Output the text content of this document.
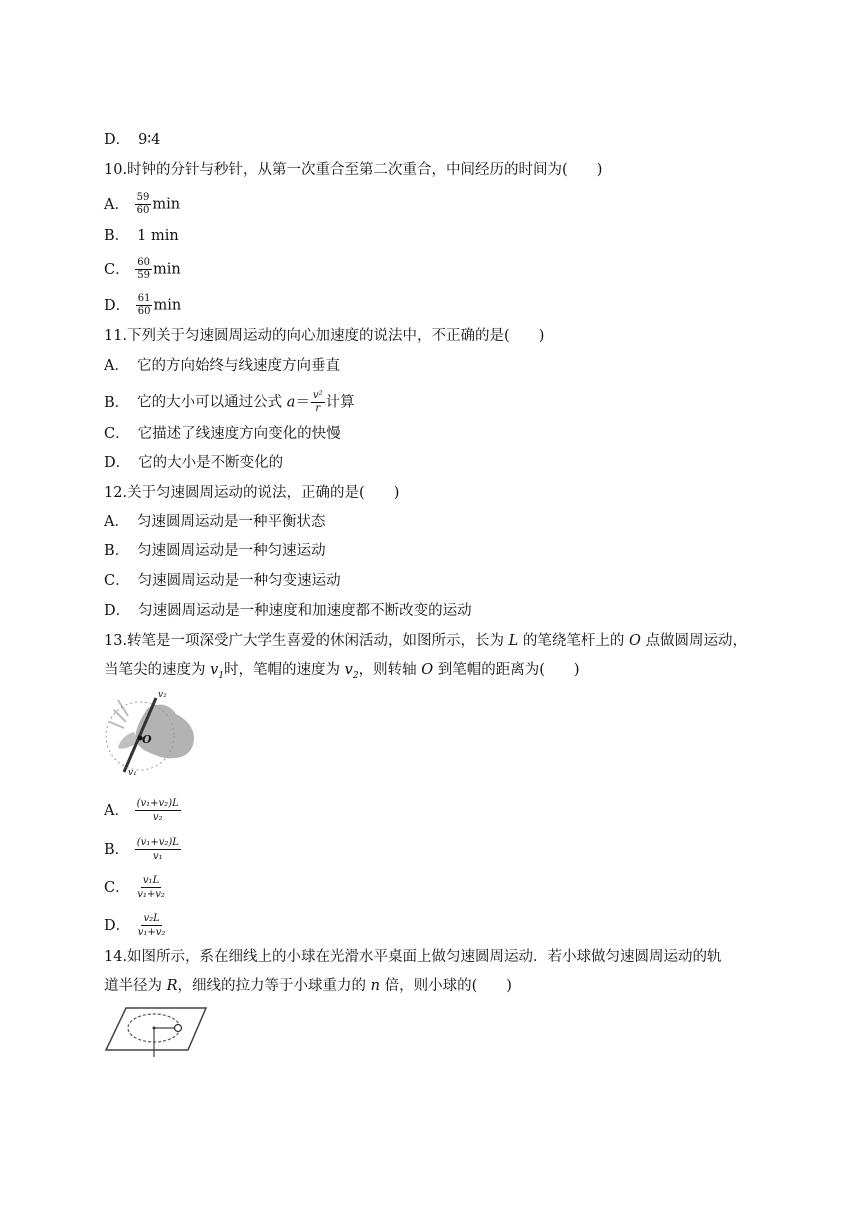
D． 9∶4
10.时钟的分针与秒针，从第一次重合至第二次重合，中间经历的时间为(　　)
A． $\frac{59}{60}$ min
B． 1 min
C． $\frac{60}{59}$ min
D． $\frac{61}{60}$ min
11.下列关于匀速圆周运动的向心加速度的说法中，不正确的是(　　)
A． 它的方向始终与线速度方向垂直
B． 它的大小可以通过公式 $a= \frac{\text{v²}}{r}$ 计算
C． 它描述了线速度方向变化的快慢
D． 它的大小是不断变化的
12.关于匀速圆周运动的说法，正确的是(　　)
A． 匀速圆周运动是一种平衡状态
B． 匀速圆周运动是一种匀速运动
C． 匀速圆周运动是一种匀变速运动
D． 匀速圆周运动是一种速度和加速度都不断改变的运动
13.转笔是一项深受广大学生喜爱的休闲活动，如图所示，长为 L 的笔绕笔杆上的 O 点做圆周运动，
当笔尖的速度为 $v_1$时，笔帽的速度为 $v_2$，则转轴 O 到笔帽的距离为(　　)
O
v₂
v₁
A． $\frac{\text{(v₁+v₂)L}}{\text{v₂}}$
B． $\frac{\text{(v₁+v₂)L}}{\text{v₁}}$
C． $\frac{\text{v₁L}}{\text{v₁+v₂}}$
D． $\frac{\text{v₂L}}{\text{v₁+v₂}}$
14.如图所示，系在细线上的小球在光滑水平桌面上做匀速圆周运动．若小球做匀速圆周运动的轨
道半径为 R，细线的拉力等于小球重力的 n 倍，则小球的(　　)
